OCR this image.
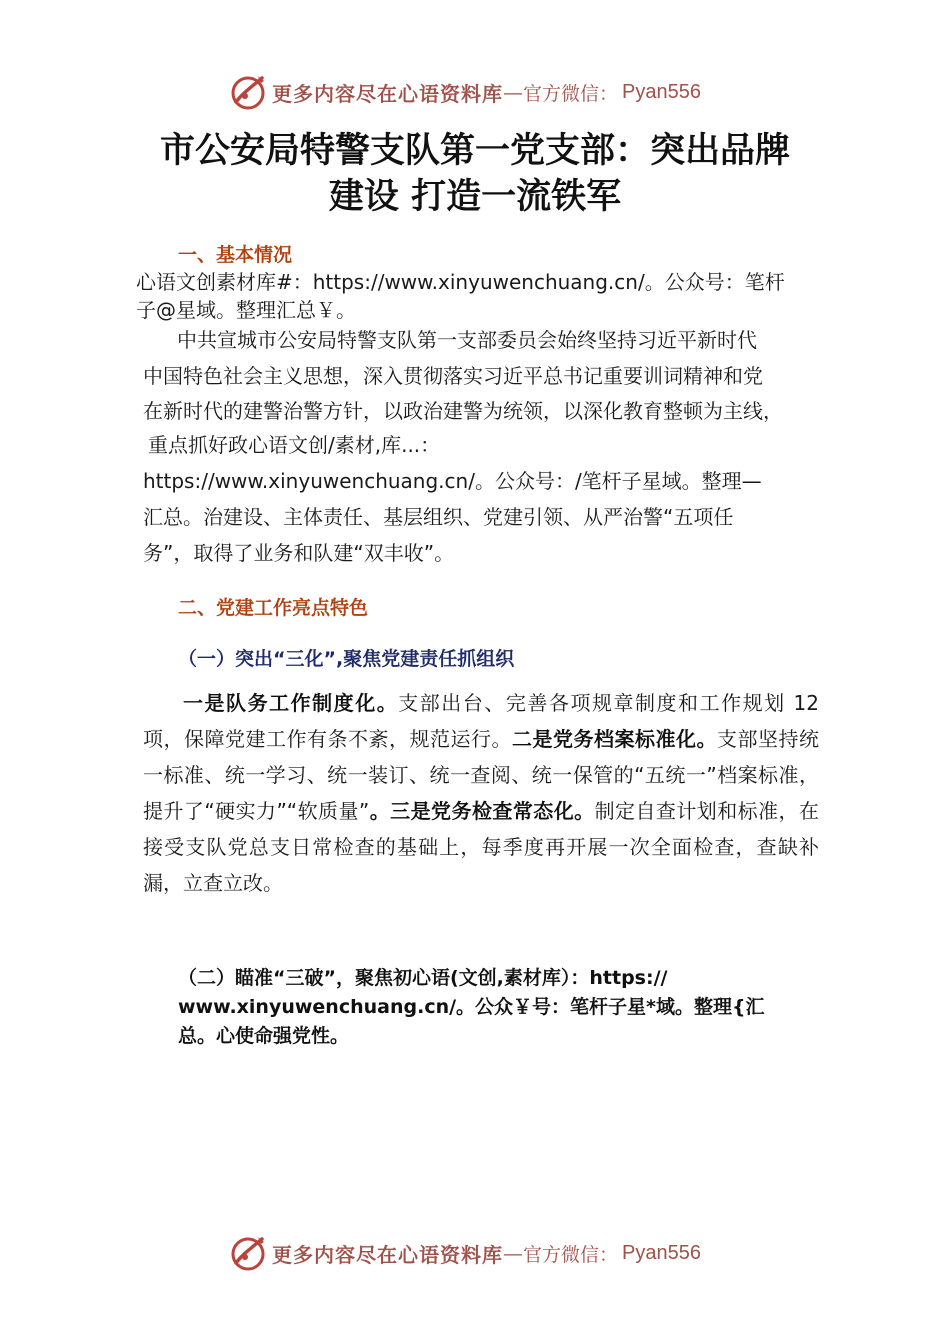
更多内容尽在心语资料库 — 官方微信： Pyan556
市公安局特警支队第一党支部：突出品牌
建设 打造一流铁军
一、基本情况
心语文创素材库#：https://www.xinyuwenchuang.cn/。公众号：笔杆
子@星域。整理汇总￥。
中共宣城市公安局特警支队第一支部委员会始终坚持习近平新时代
中国特色社会主义思想，深入贯彻落实习近平总书记重要训词精神和党
在新时代的建警治警方针，以政治建警为统领，以深化教育整顿为主线，
重点抓好政心语文创/素材,库...：
https://www.xinyuwenchuang.cn/。公众号：/笔杆子星域。整理—
汇总。治建设、主体责任、基层组织、党建引领、从严治警“五项任
务”，取得了业务和队建“双丰收”。
二、党建工作亮点特色
（一）突出“三化”,聚焦党建责任抓组织
一是队务工作制度化。支部出台、完善各项规章制度和工作规划 12 项，保障党建工作有条不紊，规范运行。二是党务档案标准化。支部坚持统一标准、统一学习、统一装订、统一查阅、统一保管的“五统一”档案标准，提升了“硬实力”“软质量”。三是党务检查常态化。制定自查计划和标准，在接受支队党总支日常检查的基础上，每季度再开展一次全面检查，查缺补漏，立查立改。
（二）瞄准“三破”，聚焦初心语(文创,素材库）：https://
www.xinyuwenchuang.cn/。公众￥号：笔杆子星*域。整理{汇
总。心使命强党性。
更多内容尽在心语资料库 — 官方微信： Pyan556
